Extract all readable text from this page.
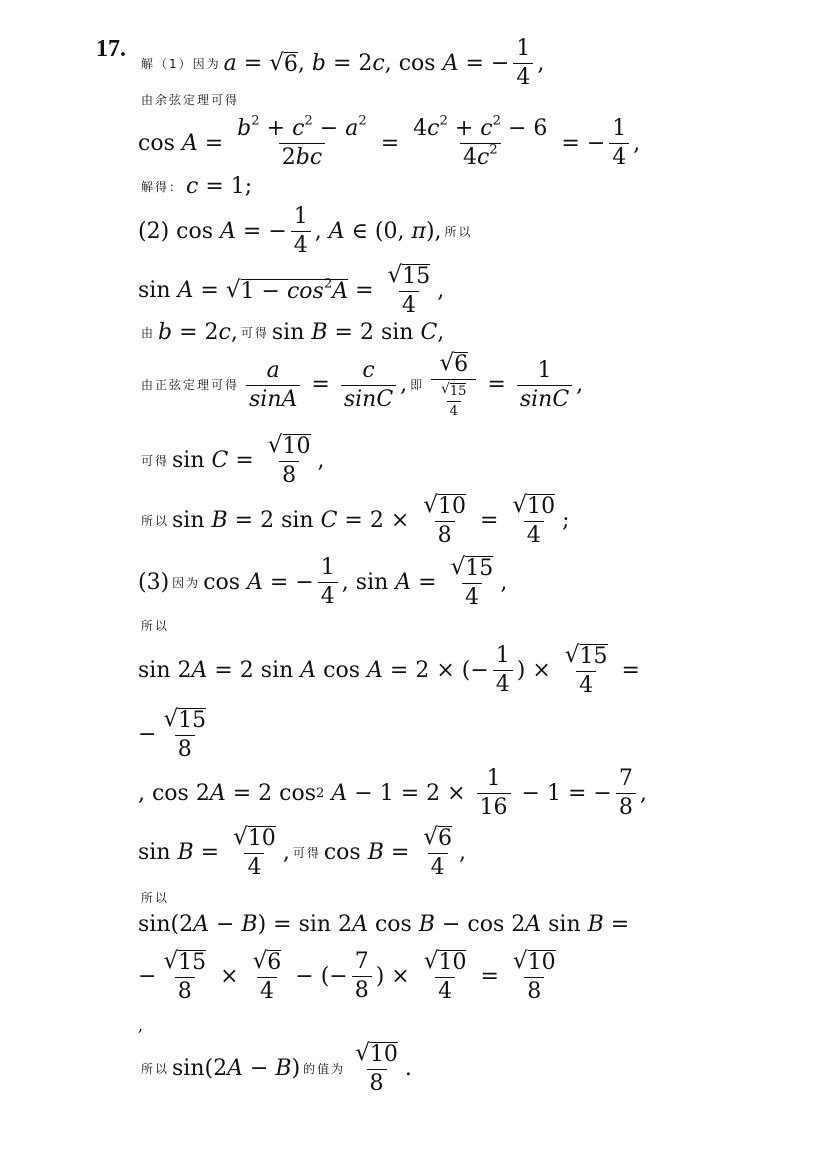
17.
解（1）因为 a = √ 6 , b = 2 c , cos A = − $\frac{1}{4}$ ,
由余弦定理可得
$\cos A = \frac{b^2 + c^2 - a^2}{2bc} = \frac{4c^2 + c^2 - 6}{4c^2}$ = − $\frac{1}{4}$ ,
解得： c = 1;
(2) cos A = − $\frac{1}{4}$ , A ∈ (0, π ), 所以
sin A = √ $1 - \cos^2A = \frac{√ 15}{4}$ ,
由 b = 2 c , 可得 sin B = 2 sin C ,
由正弦定理可得 $\frac{a}{\sin A} = \frac{c}{\sin C}$ , 即 $\frac{√ 6}{\frac{√ 15}{4}} = \frac{1}{\sin C}$ ,
可得 $\sin C = \frac{√ 10}{8}$ ,
所以 sin B = 2 $\sin C = 2 \times \frac{√ 10}{8} = \frac{√ 10}{4}$ ;
(3) 因为 cos A = − $\frac{1}{4}$ , $\sin A = \frac{√ 15}{4}$ ,
所以
sin 2 A = 2 sin A cos A = 2 × (− $\frac{1}{4}$ ) × $\frac{√ 15}{4}$ =
− $\frac{√ 15}{8}$
, cos 2 A = 2 cos 2
$A - 1 = 2 \times \frac{1}{16} - 1$ = − $\frac{7}{8}$ ,
$\sin B = \frac{√ 10}{4}$ , 可得 $\cos B = \frac{√ 6}{4}$ ,
所以
sin(2 A − B ) = sin 2 A cos B − cos 2 A sin B =
− $\frac{√ 15}{8} \times \frac{√ 6}{4}$ − (− $\frac{7}{8}$ ) × $\frac{√ 10}{4} = \frac{√ 10}{8}$
,
所以 sin(2 A − B ) 的值为 $\frac{√ 10}{8}$ .
